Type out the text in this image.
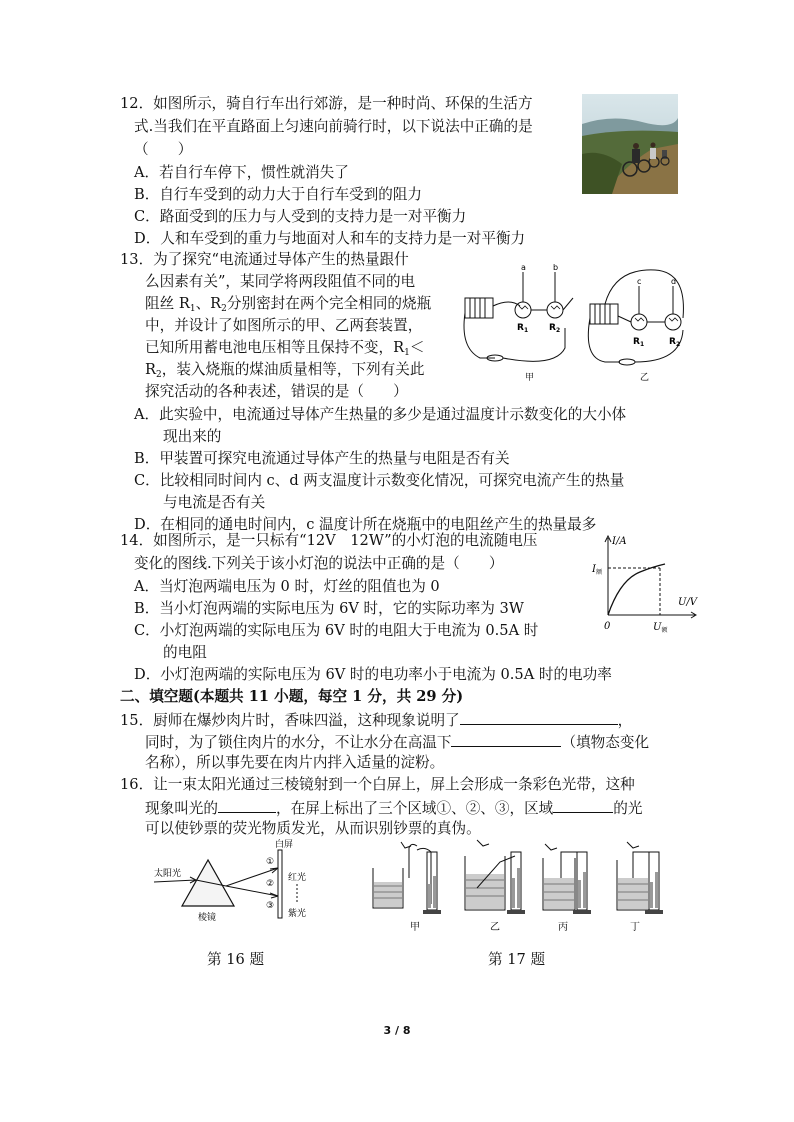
12．如图所示，骑自行车出行郊游，是一种时尚、环保的生活方
式.当我们在平直路面上匀速向前骑行时，以下说法中正确的是
（　　）
A．若自行车停下，惯性就消失了
B．自行车受到的动力大于自行车受到的阻力
C．路面受到的压力与人受到的支持力是一对平衡力
D．人和车受到的重力与地面对人和车的支持力是一对平衡力
13．为了探究“电流通过导体产生的热量跟什
么因素有关”，某同学将两段阻值不同的电
阻丝 $R_1$、$R_2$分别密封在两个完全相同的烧瓶
中，并设计了如图所示的甲、乙两套装置，
已知所用蓄电池电压相等且保持不变，$R_1<$
$R_2$，装入烧瓶的煤油质量相等，下列有关此
探究活动的各种表述，错误的是（　　）
A．此实验中，电流通过导体产生热量的多少是通过温度计示数变化的大小体
现出来的
B．甲装置可探究电流通过导体产生的热量与电阻是否有关
C．比较相同时间内 c、d 两支温度计示数变化情况，可探究电流产生的热量
与电流是否有关
D．在相同的通电时间内，c 温度计所在烧瓶中的电阻丝产生的热量最多
a	b
$R_1$ $R_2$
甲
c	d
$R_1$	$R_2$
乙
14．如图所示，是一只标有“12V　12W”的小灯泡的电流随电压
变化的图线.下列关于该小灯泡的说法中正确的是（　　）
A．当灯泡两端电压为 0 时，灯丝的阻值也为 0
B．当小灯泡两端的实际电压为 6V 时，它的实际功率为 3W
C．小灯泡两端的实际电压为 6V 时的电阻大于电流为 0.5A 时
的电阻
D．小灯泡两端的实际电压为 6V 时的电功率小于电流为 0.5A 时的电功率
I/A
U/V
0
$I_额$
$U_额$
二、填空题(本题共 11 小题，每空 1 分，共 29 分)
15．厨师在爆炒肉片时，香味四溢，这种现象说明了	，
同时，为了锁住肉片的水分，不让水分在高温下	（填物态变化
名称），所以事先要在肉片内拌入适量的淀粉。
16．让一束太阳光通过三棱镜射到一个白屏上，屏上会形成一条彩色光带，这种
现象叫光的	，在屏上标出了三个区域①、②、③，区域	的光
可以使钞票的荧光物质发光，从而识别钞票的真伪。
太阳光
棱镜
白屏
①
②
③
红光
紫光
甲	乙	丙	丁
第 16 题	第 17 题
3 / 8
